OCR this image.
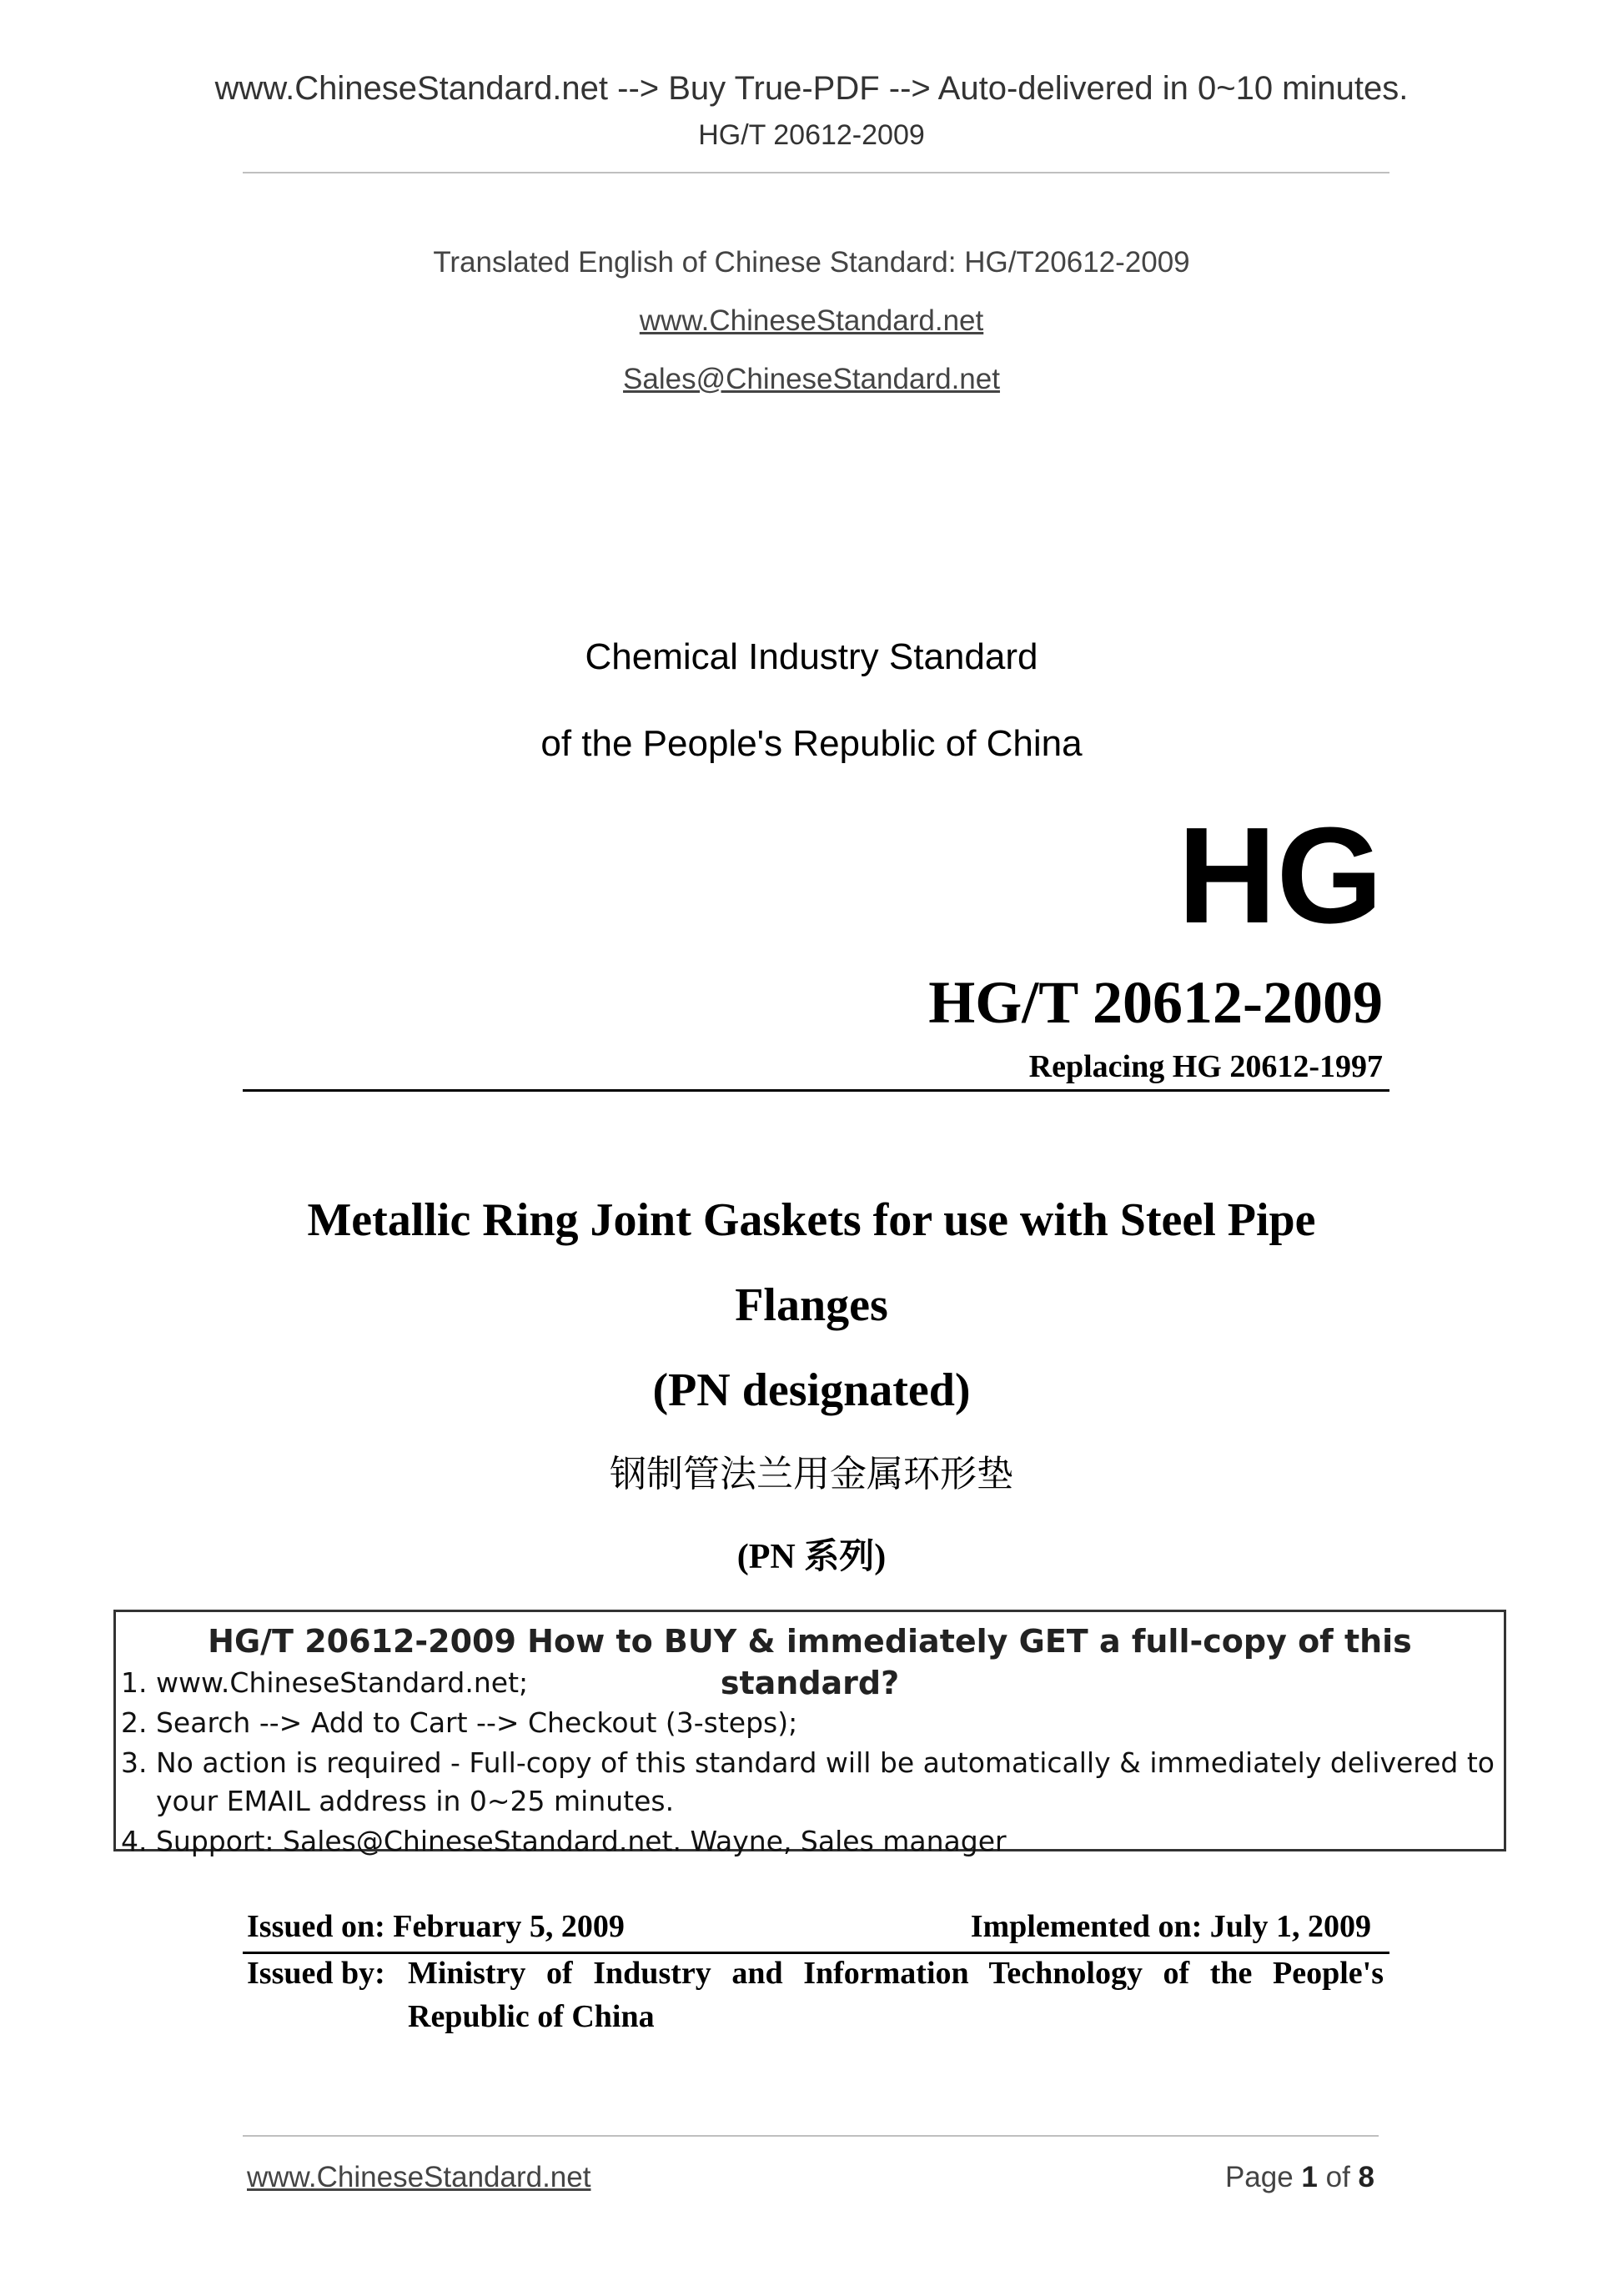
www.ChineseStandard.net --> Buy True-PDF --> Auto-delivered in 0~10 minutes.
HG/T 20612-2009
Translated English of Chinese Standard: HG/T20612-2009
www.ChineseStandard.net
Sales@ChineseStandard.net
Chemical Industry Standard
of the People's Republic of China
HG
HG/T 20612-2009
Replacing HG 20612-1997
Metallic Ring Joint Gaskets for use with Steel Pipe
Flanges
(PN designated)
钢制管法兰用金属环形垫
(PN 系列)
HG/T 20612-2009 How to BUY & immediately GET a full-copy of this standard?
1. www.ChineseStandard.net;
2. Search --> Add to Cart --> Checkout (3-steps);
3. No action is required - Full-copy of this standard will be automatically & immediately delivered to
your EMAIL address in 0~25 minutes.
4. Support: Sales@ChineseStandard.net. Wayne, Sales manager
Issued on: February 5, 2009	Implemented on: July 1, 2009
Issued by: Ministry of Industry and Information Technology of the People's
Republic of China
www.ChineseStandard.net	Page 1 of 8
